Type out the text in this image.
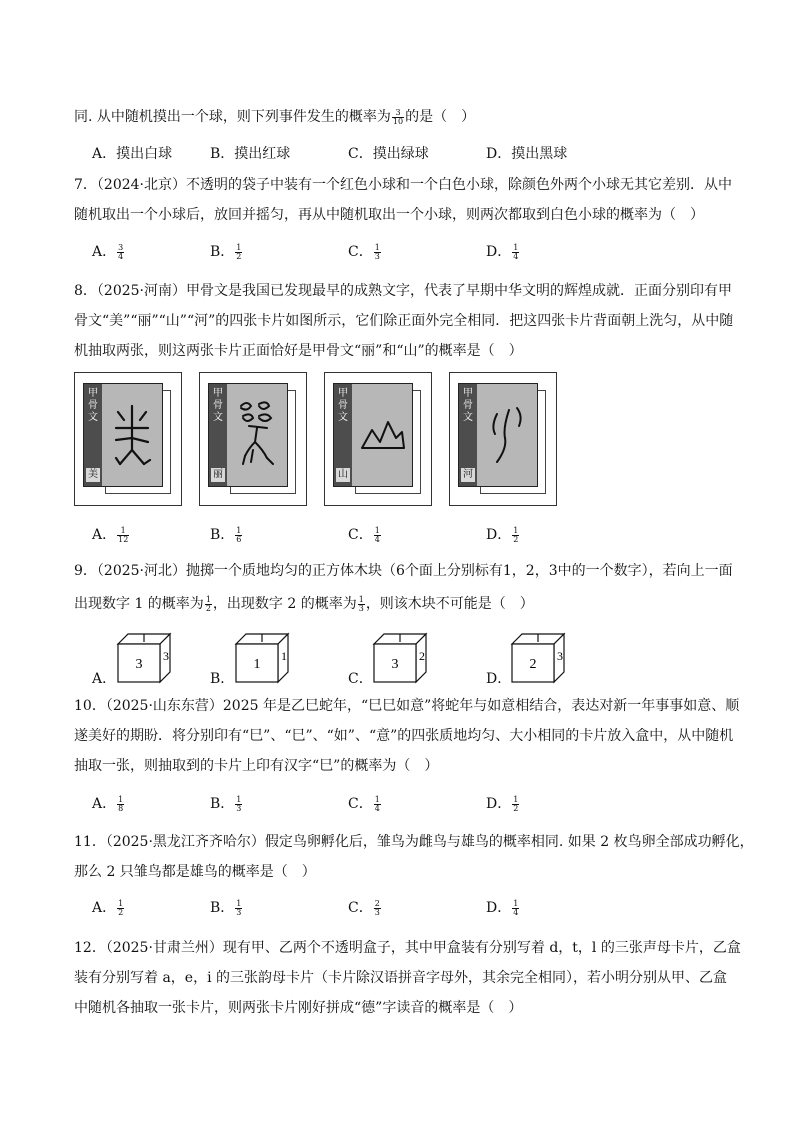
同. 从中随机摸出一个球，则下列事件发生的概率为 $\frac{3}{10}$ 的是（　）
A．摸出白球	B．摸出红球	C．摸出绿球	D．摸出黑球
7．（2024·北京）不透明的袋子中装有一个红色小球和一个白色小球，除颜色外两个小球无其它差别．从中
随机取出一个小球后，放回并摇匀，再从中随机取出一个小球，则两次都取到白色小球的概率为（　）
A． $\frac{3}{4}$	B． $\frac{1}{2}$	C． $\frac{1}{3}$	D． $\frac{1}{4}$
8．（2025·河南）甲骨文是我国已发现最早的成熟文字，代表了早期中华文明的辉煌成就．正面分别印有甲
骨文“美”“丽”“山”“河”的四张卡片如图所示，它们除正面外完全相同．把这四张卡片背面朝上洗匀，从中随
机抽取两张，则这两张卡片正面恰好是甲骨文“丽”和“山”的概率是（　）
甲骨文
美
甲骨文
丽
甲骨文
山
甲骨文
河
A． $\frac{1}{12}$	B． $\frac{1}{6}$	C． $\frac{1}{4}$	D． $\frac{1}{2}$
9．（2025·河北）抛掷一个质地均匀的正方体木块（6个面上分别标有1，2，3中的一个数字），若向上一面
出现数字 1 的概率为 $\frac{1}{2}$ ，出现数字 2 的概率为 $\frac{1}{3}$ ，则该木块不可能是（　）
A．
3
3
B．
1
1
C．
3
2
D．
2
3
10．（2025·山东东营）2025 年是乙巳蛇年，“巳巳如意”将蛇年与如意相结合，表达对新一年事事如意、顺
遂美好的期盼．将分别印有“巳”、“巳”、“如”、“意”的四张质地均匀、大小相同的卡片放入盒中，从中随机
抽取一张，则抽取到的卡片上印有汉字“巳”的概率为（　）
A． $\frac{1}{8}$	B． $\frac{1}{3}$	C． $\frac{1}{4}$	D． $\frac{1}{2}$
11．（2025·黑龙江齐齐哈尔）假定鸟卵孵化后，雏鸟为雌鸟与雄鸟的概率相同. 如果 2 枚鸟卵全部成功孵化，
那么 2 只雏鸟都是雄鸟的概率是（　）
A． $\frac{1}{2}$	B． $\frac{1}{3}$	C． $\frac{2}{3}$	D． $\frac{1}{4}$
12．（2025·甘肃兰州）现有甲、乙两个不透明盒子，其中甲盒装有分别写着 d，t，l 的三张声母卡片，乙盒
装有分别写着 a，e，i 的三张韵母卡片（卡片除汉语拼音字母外，其余完全相同），若小明分别从甲、乙盒
中随机各抽取一张卡片，则两张卡片刚好拼成“德”字读音的概率是（　）
